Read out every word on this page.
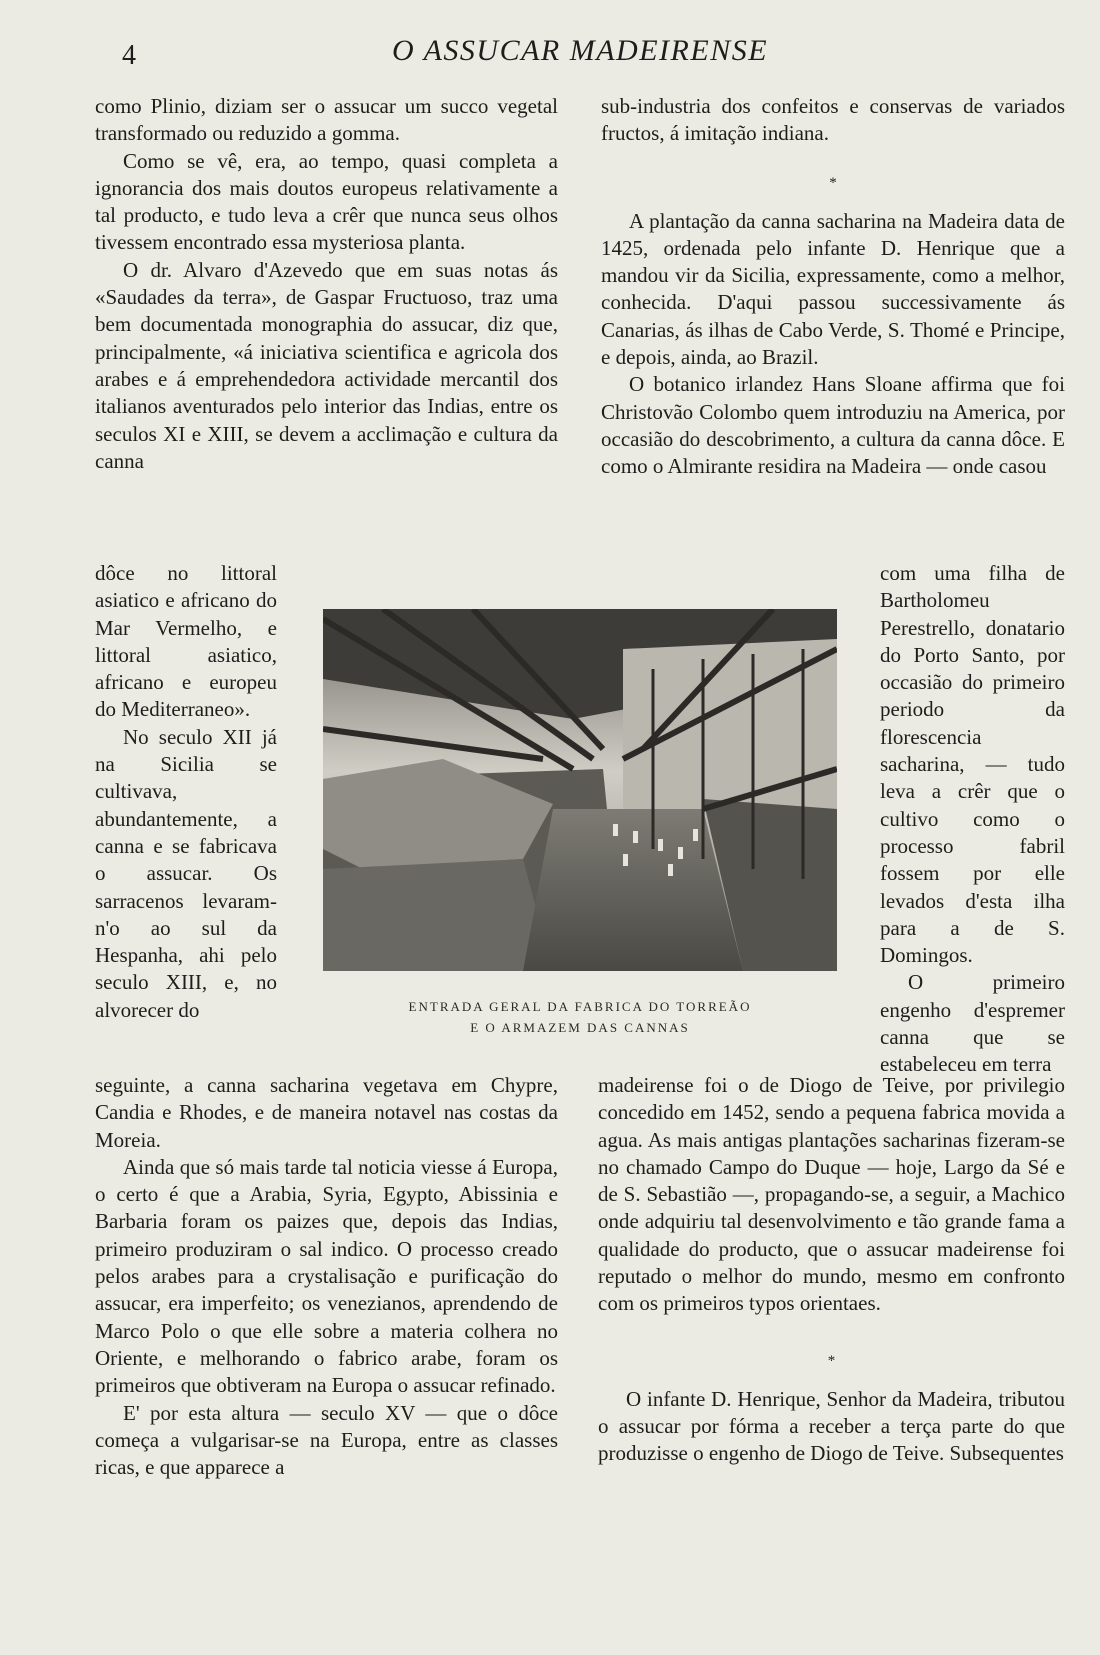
4	O ASSUCAR MADEIRENSE

como Plinio, diziam ser o assucar um succo vegetal transformado ou reduzido a gomma.

Como se vê, era, ao tempo, quasi completa a ignorancia dos mais doutos europeus relativamente a tal producto, e tudo leva a crêr que nunca seus olhos tivessem encontrado essa mysteriosa planta.

O dr. Alvaro d'Azevedo que em suas notas ás «Saudades da terra», de Gaspar Fructuoso, traz uma bem documentada monographia do assucar, diz que, principalmente, «á iniciativa scientifica e agricola dos arabes e á emprehendedora actividade mercantil dos italianos aventurados pelo interior das Indias, entre os seculos XI e XIII, se devem a acclimação e cultura da canna

dôce no littoral asiatico e africano do Mar Vermelho, e littoral asiatico, africano e europeu do Mediterraneo».

No seculo XII já na Sicilia se cultivava, abundantemente, a canna e se fabricava o assucar. Os sarracenos levaram-n'o ao sul da Hespanha, ahi pelo seculo XIII, e, no alvorecer do

seguinte, a canna sacharina vegetava em Chypre, Candia e Rhodes, e de maneira notavel nas costas da Moreia.

Ainda que só mais tarde tal noticia viesse á Europa, o certo é que a Arabia, Syria, Egypto, Abissinia e Barbaria foram os paizes que, depois das Indias, primeiro produziram o sal indico. O processo creado pelos arabes para a crystalisação e purificação do assucar, era imperfeito; os venezianos, aprendendo de Marco Polo o que elle sobre a materia colhera no Oriente, e melhorando o fabrico arabe, foram os primeiros que obtiveram na Europa o assucar refinado.

E' por esta altura — seculo XV — que o dôce começa a vulgarisar-se na Europa, entre as classes ricas, e que apparece a

sub-industria dos confeitos e conservas de variados fructos, á imitação indiana.

*

A plantação da canna sacharina na Madeira data de 1425, ordenada pelo infante D. Henrique que a mandou vir da Sicilia, expressamente, como a melhor, conhecida. D'aqui passou successivamente ás Canarias, ás ilhas de Cabo Verde, S. Thomé e Principe, e depois, ainda, ao Brazil.

O botanico irlandez Hans Sloane affirma que foi Christovão Colombo quem introduziu na America, por occasião do descobrimento, a cultura da canna dôce. E como o Almirante residira na Madeira — onde casou

com uma filha de Bartholomeu Perestrello, donatario do Porto Santo, por occasião do primeiro periodo da florescencia sacharina, — tudo leva a crêr que o cultivo como o processo fabril fossem por elle levados d'esta ilha para a de S. Domingos.

O primeiro engenho d'espremer canna que se estabeleceu em terra

madeirense foi o de Diogo de Teive, por privilegio concedido em 1452, sendo a pequena fabrica movida a agua. As mais antigas plantações sacharinas fizeram-se no chamado Campo do Duque — hoje, Largo da Sé e de S. Sebastião —, propagando-se, a seguir, a Machico onde adquiriu tal desenvolvimento e tão grande fama a qualidade do producto, que o assucar madeirense foi reputado o melhor do mundo, mesmo em confronto com os primeiros typos orientaes.

*

O infante D. Henrique, Senhor da Madeira, tributou o assucar por fórma a receber a terça parte do que produzisse o engenho de Diogo de Teive. Subsequentes

ENTRADA GERAL DA FABRICA DO TORREÃO
E O ARMAZEM DAS CANNAS
